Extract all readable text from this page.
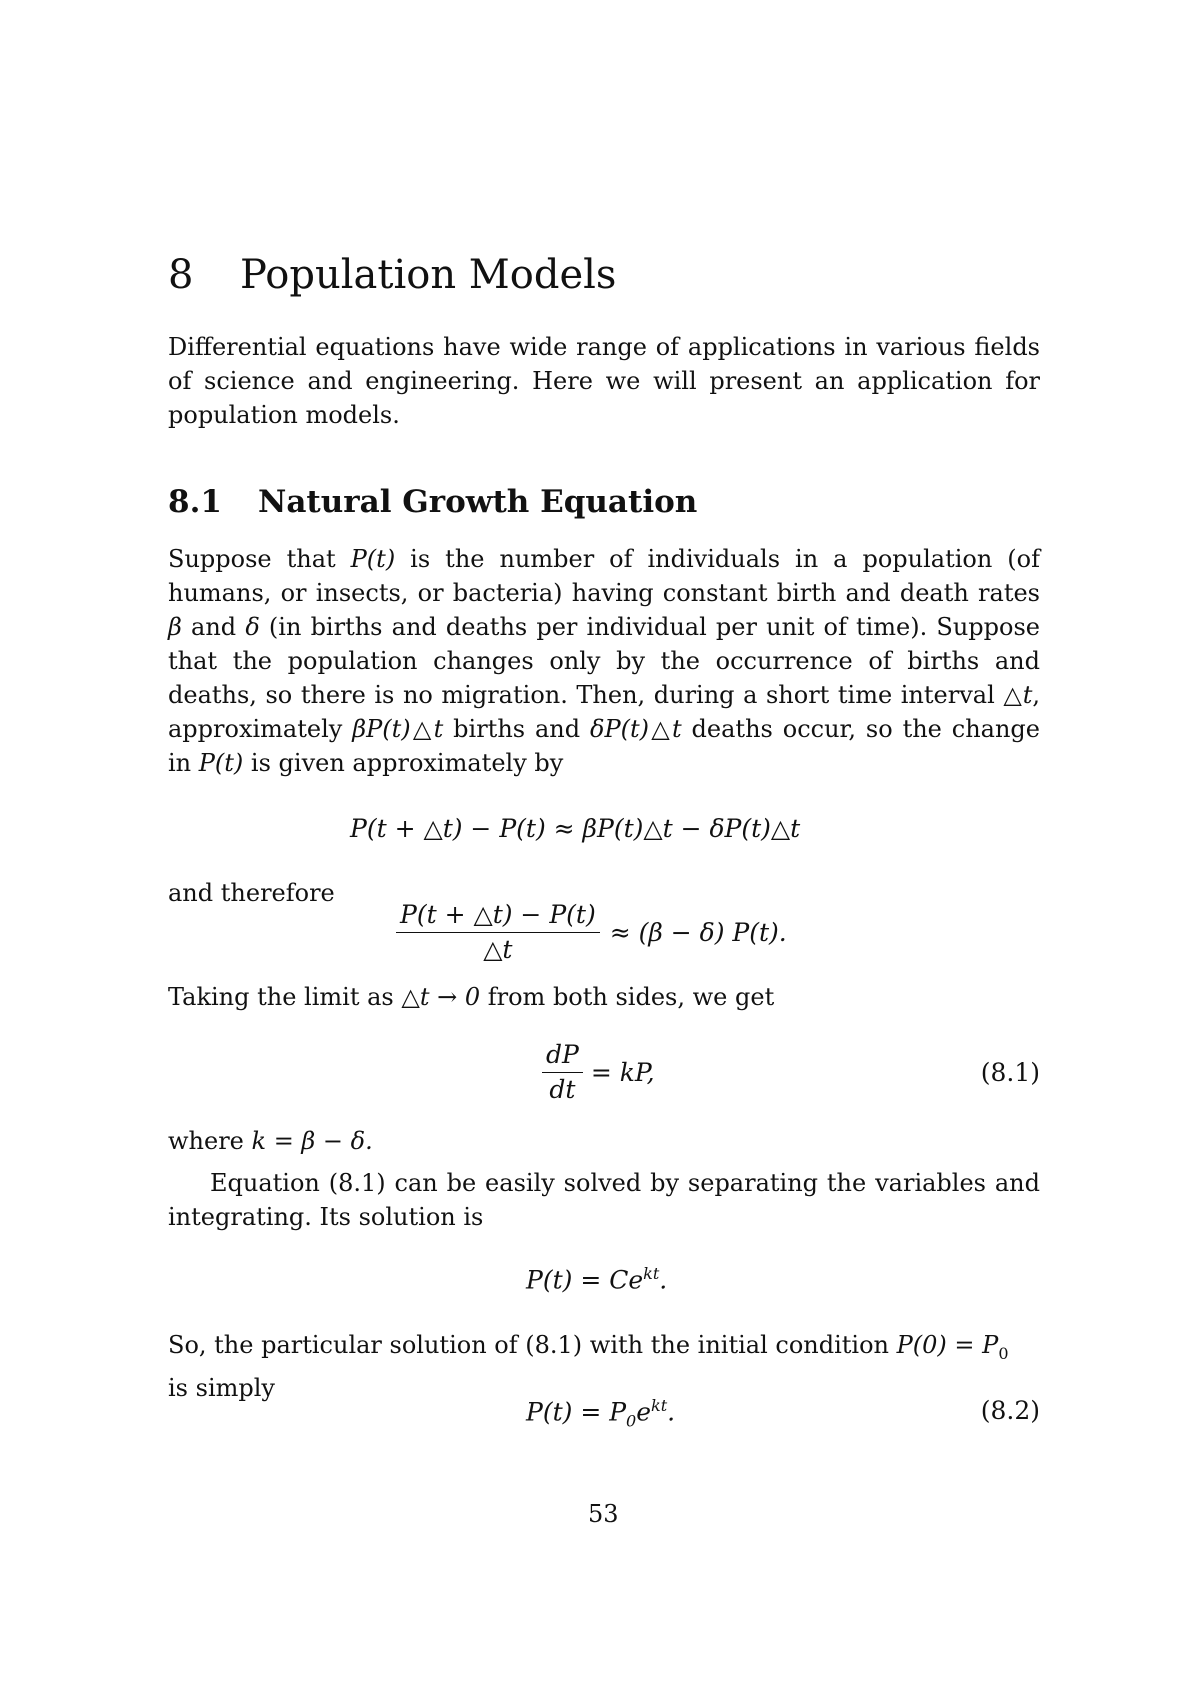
8 Population Models
Differential equations have wide range of applications in various fields of science and engineering. Here we will present an application for population models.
8.1 Natural Growth Equation
Suppose that P(t) is the number of individuals in a population (of humans, or insects, or bacteria) having constant birth and death rates β and δ (in births and deaths per individual per unit of time). Suppose that the population changes only by the occurrence of births and deaths, so there is no migration. Then, during a short time interval △t, approximately βP(t)△t births and δP(t)△t deaths occur, so the change in P(t) is given approximately by
P(t + △t) − P(t) ≈ βP(t)△t − δP(t)△t
and therefore
$\frac{P(t + \triangle t) - P(t)}{\triangle t} \approx (\beta - \delta)$ P(t).
Taking the limit as △t → 0 from both sides, we get
$\frac{dP}{dt}$ = kP,	(8.1)
where k = β − δ.
Equation (8.1) can be easily solved by separating the variables and integrating. Its solution is
$P(t) = Ce^{kt}$.
So, the particular solution of (8.1) with the initial condition $P(0) = P_0$
is simply
$P(t) = P_0e^{kt}$.	(8.2)
53
